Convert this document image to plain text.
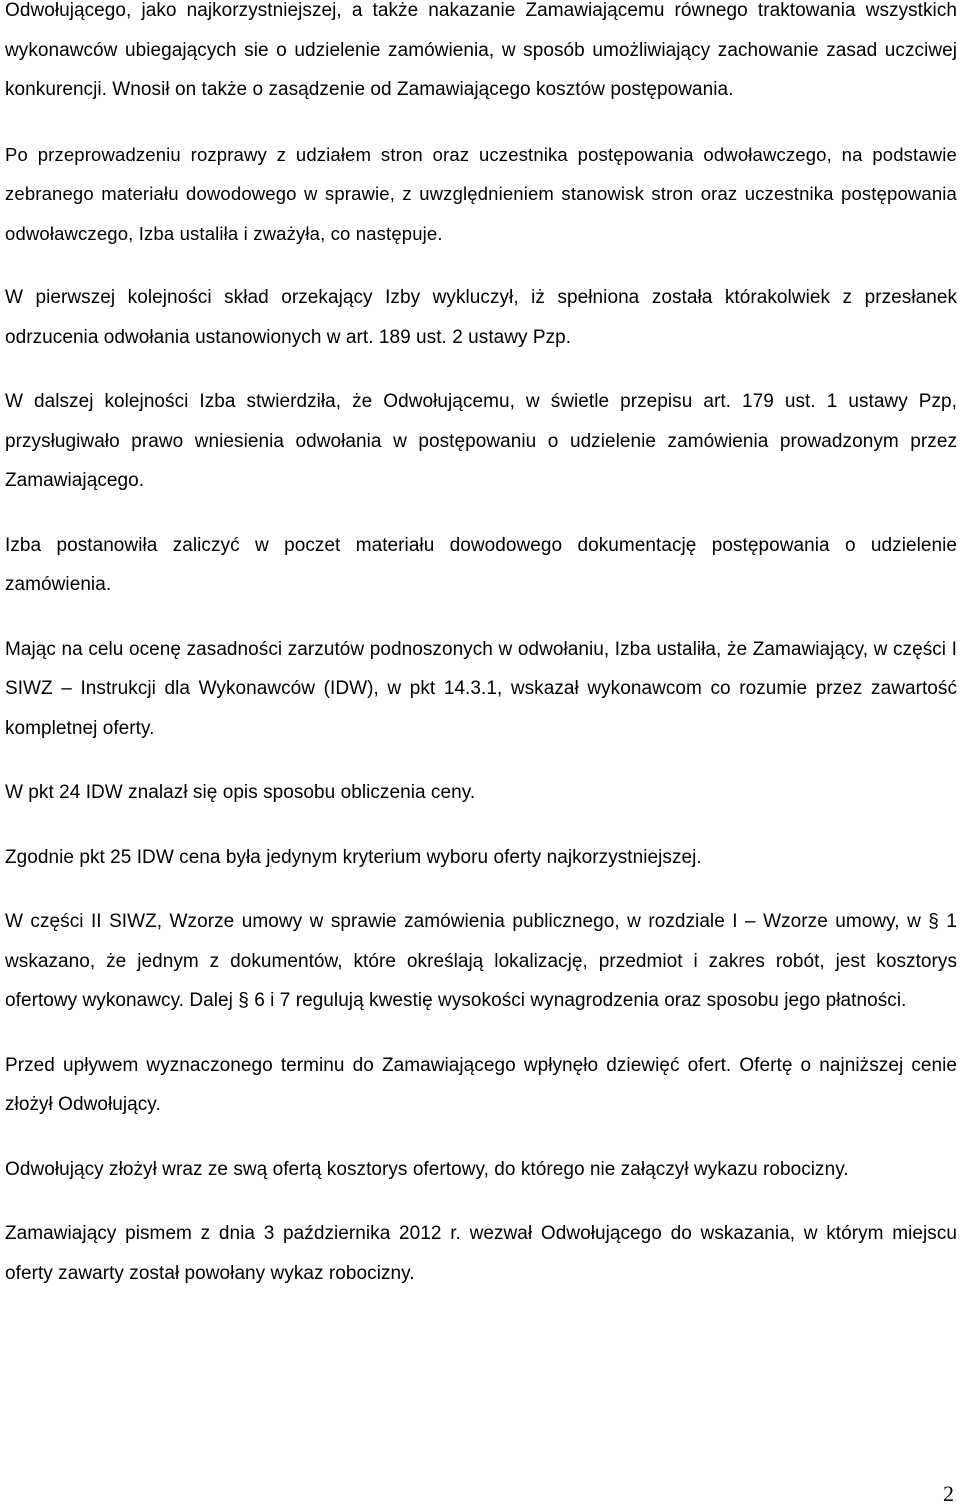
Odwołującego, jako najkorzystniejszej, a także nakazanie Zamawiającemu równego traktowania wszystkich wykonawców ubiegających sie o udzielenie zamówienia, w sposób umożliwiający zachowanie zasad uczciwej konkurencji. Wnosił on także o zasądzenie od Zamawiającego kosztów postępowania.

Po przeprowadzeniu rozprawy z udziałem stron oraz uczestnika postępowania odwoławczego, na podstawie zebranego materiału dowodowego w sprawie, z uwzględnieniem stanowisk stron oraz uczestnika postępowania odwoławczego, Izba ustaliła i zważyła, co następuje.

W pierwszej kolejności skład orzekający Izby wykluczył, iż spełniona została którakolwiek z przesłanek odrzucenia odwołania ustanowionych w art. 189 ust. 2 ustawy Pzp.

W dalszej kolejności Izba stwierdziła, że Odwołującemu, w świetle przepisu art. 179 ust. 1 ustawy Pzp, przysługiwało prawo wniesienia odwołania w postępowaniu o udzielenie zamówienia prowadzonym przez Zamawiającego.

Izba postanowiła zaliczyć w poczet materiału dowodowego dokumentację postępowania o udzielenie zamówienia.

Mając na celu ocenę zasadności zarzutów podnoszonych w odwołaniu, Izba ustaliła, że Zamawiający, w części I SIWZ – Instrukcji dla Wykonawców (IDW), w pkt 14.3.1, wskazał wykonawcom co rozumie przez zawartość kompletnej oferty.

W pkt 24 IDW znalazł się opis sposobu obliczenia ceny.

Zgodnie pkt 25 IDW cena była jedynym kryterium wyboru oferty najkorzystniejszej.

W części II SIWZ, Wzorze umowy w sprawie zamówienia publicznego, w rozdziale I – Wzorze umowy, w § 1 wskazano, że jednym z dokumentów, które określają lokalizację, przedmiot i zakres robót, jest kosztorys ofertowy wykonawcy. Dalej § 6 i 7 regulują kwestię wysokości wynagrodzenia oraz sposobu jego płatności.

Przed upływem wyznaczonego terminu do Zamawiającego wpłynęło dziewięć ofert. Ofertę o najniższej cenie złożył Odwołujący.

Odwołujący złożył wraz ze swą ofertą kosztorys ofertowy, do którego nie załączył wykazu robocizny.

Zamawiający pismem z dnia 3 października 2012 r. wezwał Odwołującego do wskazania, w którym miejscu oferty zawarty został powołany wykaz robocizny.

2
